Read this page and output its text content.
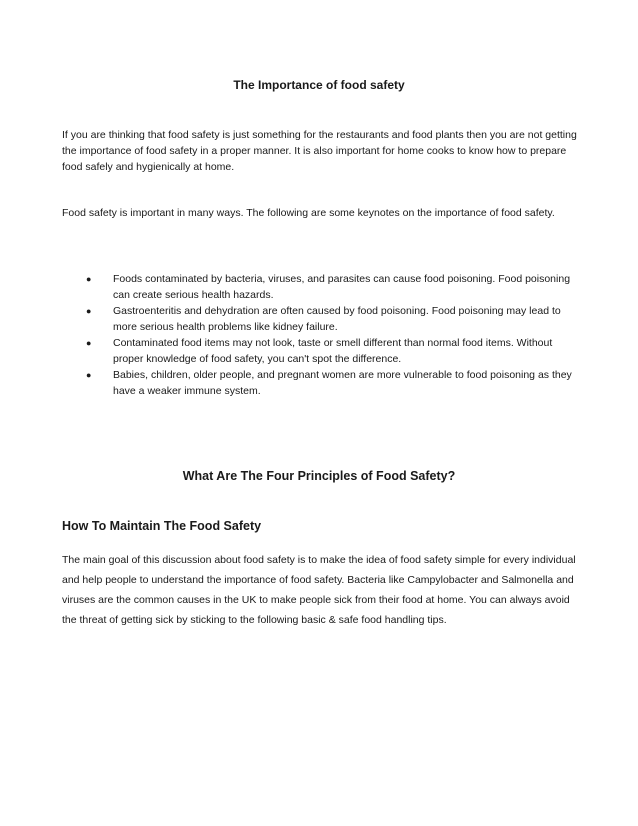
The Importance of food safety

If you are thinking that food safety is just something for the restaurants and food plants then you are not getting the importance of food safety in a proper manner. It is also important for home cooks to know how to prepare food safely and hygienically at home.

Food safety is important in many ways. The following are some keynotes on the importance of food safety.

● Foods contaminated by bacteria, viruses, and parasites can cause food poisoning. Food poisoning can create serious health hazards.
● Gastroenteritis and dehydration are often caused by food poisoning. Food poisoning may lead to more serious health problems like kidney failure.
● Contaminated food items may not look, taste or smell different than normal food items. Without proper knowledge of food safety, you can't spot the difference.
● Babies, children, older people, and pregnant women are more vulnerable to food poisoning as they have a weaker immune system.
What Are The Four Principles of Food Safety?
How To Maintain The Food Safety

The main goal of this discussion about food safety is to make the idea of food safety simple for every individual and help people to understand the importance of food safety. Bacteria like Campylobacter and Salmonella and viruses are the common causes in the UK to make people sick from their food at home. You can always avoid the threat of getting sick by sticking to the following basic & safe food handling tips.
